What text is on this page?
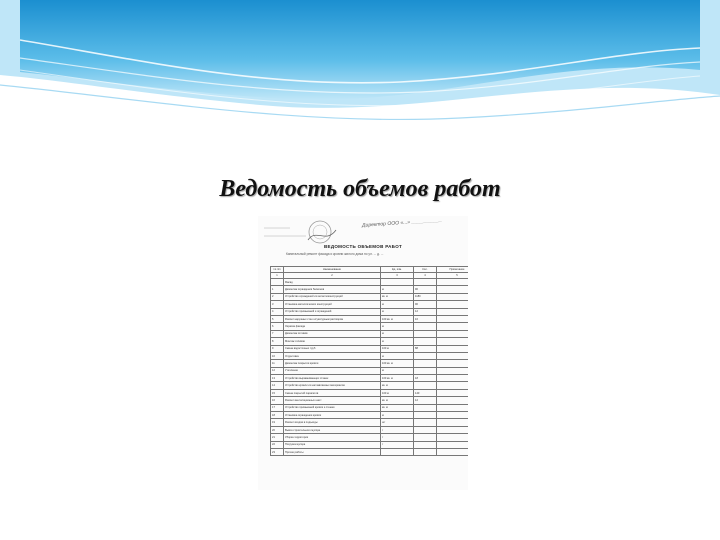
Ведомость объемов работ
Директор ООО «...» ___________
ВЕДОМОСТЬ ОБЪЕМОВ РАБОТ
Капитальный ремонт фасада и кровли жилого дома по ул. ... д. ...
№ п/п	Наименование	Ед. изм.	Кол.	Примечание
1	2	3	4	5
	Фасад			
1	Демонтаж ограждения балконов	м	90	
2	Устройство ограждений из металлоконструкций	кв. м	1180	
3	Установка металлических конструкций	м	90	
4	Устройство примыканий и ограждений	м	12	
5	Ремонт наружных стен штукатурным раствором	100 кв. м	16	
6	Окраска фасада	м		
7	Демонтаж отливов	м		
8	Монтаж отливов	м		
9	Смена водосточных труб	100 м	88	
10	Огрунтовка	м		
11	Демонтаж покрытия кровли	100 кв. м		
12	Утепление	м		
13	Устройство выравнивающих стяжек	100 кв. м	18	
14	Устройство кровли из наплавляемых материалов	кв. м		
15	Смена покрытий парапетов	100 м	140	
16	Ремонт вентиляционных шахт	кв. м	12	
17	Устройство примыканий кровли к стенам	кв. м		
18	Установка ограждения кровли	м		
19	Ремонт входов в подъезды	шт		
20	Вывоз строительного мусора	т		
21	Уборка территории	т		
22	Погрузка мусора	т		
23	Прочие работы			
